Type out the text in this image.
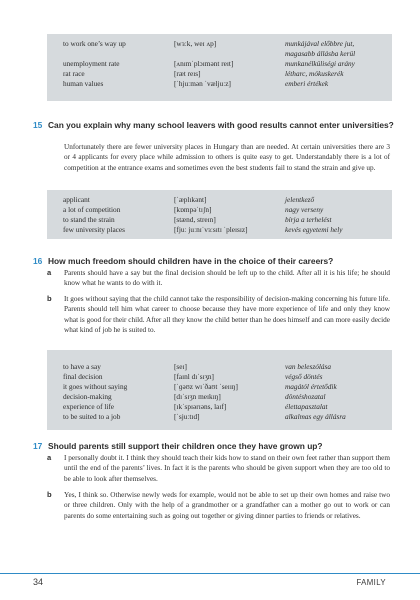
to work one’s way up	[wɜːk, weɪ ʌp]	munkájával előbbre jut,
magasabb állásba kerül
unemployment rate	[ʌnɪmˈplɔɪmənt reɪt]	munkanélküliségi arány
rat race	[ræt reɪs]	létharc, mókuskerék
human values	[ˈhjuːmən ˈvæljuːz]	emberi értékek
15 Can you explain why many school leavers with good results cannot enter universities?
Unfortunately there are fewer university places in Hungary than are needed. At certain universities there are 3 or 4 applicants for every place while admission to others is quite easy to get. Understandably there is a lot of competition at the entrance exams and sometimes even the best students fail to stand the strain and give up.
applicant	[ˈæplɪkənt]	jelentkező
a lot of competition	[kɒmpəˈtɪʃn]	nagy verseny
to stand the strain	[stænd, streɪn]	bírja a terhelést
few university places	[fjuː juːnɪˈvɜːsɪtɪ ˈpleɪsɪz]	kevés egyetemi hely
16 How much freedom should children have in the choice of their careers?
a	Parents should have a say but the final decision should be left up to the child. After all it is his life; he should know what he wants to do with it.
b	It goes without saying that the child cannot take the responsibility of decision-making concerning his future life. Parents should tell him what career to choose because they have more experience of life and only they know what is good for their child. After all they know the child better than he does himself and can more easily decide what kind of job he is suited to.
to have a say	[seɪ]	van beleszólása
final decision	[faɪnl dɪˈsɪʒn]	végső döntés
it goes without saying	[ˈɡəʊz wɪˈðaʊt ˈseɪɪŋ]	magától értetődik
decision-making	[dɪˈsɪʒn meɪkɪŋ]	döntéshozatal
experience of life	[ɪkˈspɪərɪəns, laɪf]	élettapasztalat
to be suited to a job	[ˈsjuːtɪd]	alkalmas egy állásra
17 Should parents still support their children once they have grown up?
a	I personally doubt it. I think they should teach their kids how to stand on their own feet rather than support them until the end of the parents’ lives. In fact it is the parents who should be given support when they are too old to be able to look after themselves.
b	Yes, I think so. Otherwise newly weds for example, would not be able to set up their own homes and raise two or three children. Only with the help of a grandmother or a grandfather can a mother go out to work or can parents do some entertaining such as going out together or giving dinner parties to friends or relatives.
34	FAMILY
